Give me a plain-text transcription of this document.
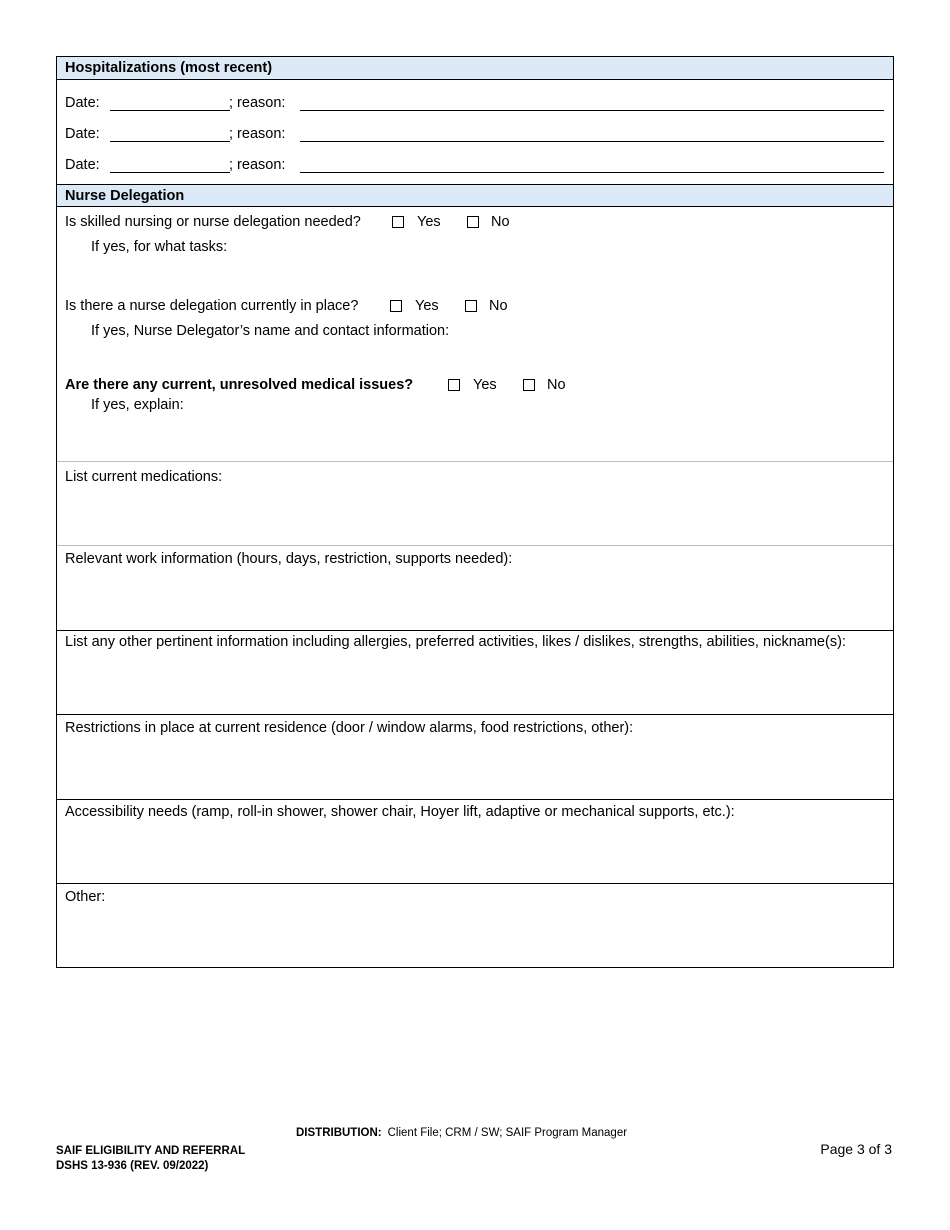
Hospitalizations (most recent)
Date:	; reason:
Date:	; reason:
Date:	; reason:
Nurse Delegation
Is skilled nursing or nurse delegation needed?	Yes	No
If yes, for what tasks:
Is there a nurse delegation currently in place?	Yes	No
If yes, Nurse Delegator’s name and contact information:
Are there any current, unresolved medical issues?	Yes	No
If yes, explain:
List current medications:
Relevant work information (hours, days, restriction, supports needed):
List any other pertinent information including allergies, preferred activities, likes / dislikes, strengths, abilities, nickname(s):
Restrictions in place at current residence (door / window alarms, food restrictions, other):
Accessibility needs (ramp, roll-in shower, shower chair, Hoyer lift, adaptive or mechanical supports, etc.):
Other:
DISTRIBUTION: Client File; CRM / SW; SAIF Program Manager
SAIF ELIGIBILITY AND REFERRAL
DSHS 13-936 (REV. 09/2022)
Page 3 of 3
